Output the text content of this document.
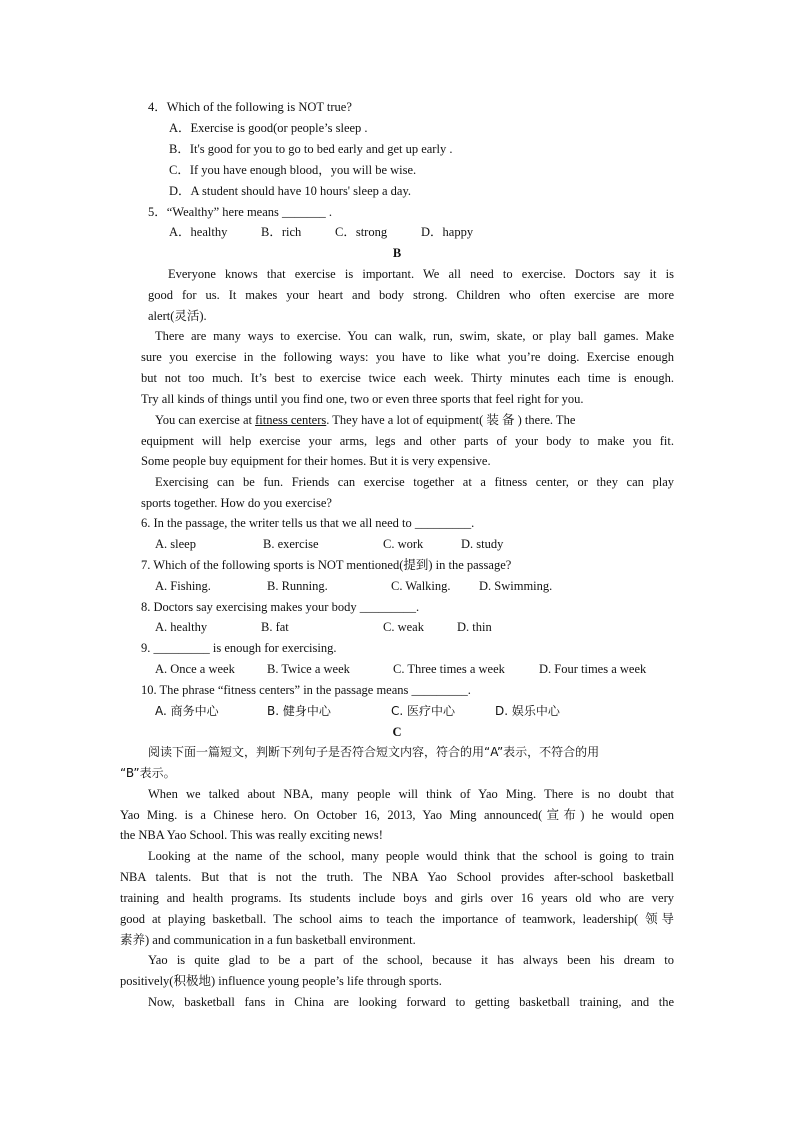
4．Which of the following is NOT true?
A．Exercise is good(or people’s sleep .
B．It's good for you to go to bed early and get up early .
C．If you have enough blood，you will be wise.
D．A student should have 10 hours' sleep a day.
5．“Wealthy” here means _______ .
A．healthy	B．rich	C．strong	D．happy
B
Everyone knows that exercise is important. We all need to exercise. Doctors say it is
good for us. It makes your heart and body strong. Children who often exercise are more
alert(灵活).
There are many ways to exercise. You can walk, run, swim, skate, or play ball games. Make
sure you exercise in the following ways: you have to like what you’re doing. Exercise enough
but not too much. It’s best to exercise twice each week. Thirty minutes each time is enough.
Try all kinds of things until you find one, two or even three sports that feel right for you.
You can exercise at fitness centers. They have a lot of equipment( 装 备 ) there. The
equipment will help exercise your arms, legs and other parts of your body to make you fit.
Some people buy equipment for their homes. But it is very expensive.
Exercising can be fun. Friends can exercise together at a fitness center, or they can play
sports together. How do you exercise?
6. In the passage, the writer tells us that we all need to _________.
A. sleep	B. exercise	C. work	D. study
7. Which of the following sports is NOT mentioned(提到) in the passage?
A. Fishing.	B. Running.	C. Walking. D. Swimming.
8. Doctors say exercising makes your body _________.
A. healthy	B. fat	C. weak	D. thin
9. _________ is enough for exercising.
A. Once a week	B. Twice a week	C. Three times a week	D. Four times a week
10. The phrase “fitness centers” in the passage means _________.
A. 商务中心	B. 健身中心	C. 医疗中心	D. 娱乐中心
C
阅读下面一篇短文，判断下列句子是否符合短文内容，符合的用“A”表示，不符合的用
“B”表示。
When we talked about NBA, many people will think of Yao Ming. There is no doubt that
Yao Ming. is a Chinese hero. On October 16, 2013, Yao Ming announced(宣布) he would open
the NBA Yao School. This was really exciting news!
Looking at the name of the school, many people would think that the school is going to train
NBA talents. But that is not the truth. The NBA Yao School provides after-school basketball
training and health programs. Its students include boys and girls over 16 years old who are very
good at playing basketball. The school aims to teach the importance of teamwork, leadership( 领导
素养) and communication in a fun basketball environment.
Yao is quite glad to be a part of the school, because it has always been his dream to
positively(积极地) influence young people’s life through sports.
Now, basketball fans in China are looking forward to getting basketball training, and the
